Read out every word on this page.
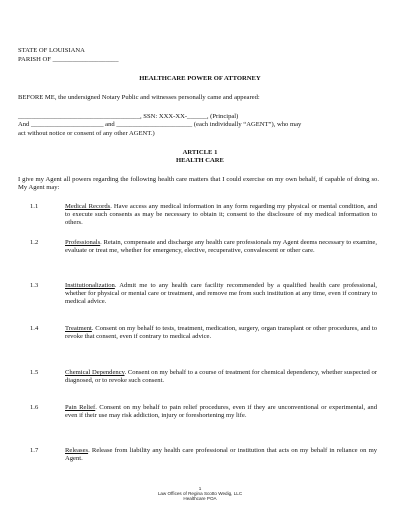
STATE OF LOUISIANA
PARISH OF ____________________
HEALTHCARE POWER OF ATTORNEY
BEFORE ME, the undersigned Notary Public and witnesses personally came and appeared:
_____________________________________, SSN: XXX-XX-______, (Principal)
And ______________________ and _______________________ (each individually “AGENT”), who may
act without notice or consent of any other AGENT.)
ARTICLE 1
HEALTH CARE
I give my Agent all powers regarding the following health care matters that I could exercise on my own behalf, if capable of doing so. My Agent may:
1.1	Medical Records. Have access any medical information in any form regarding my physical or mental condition, and to execute such consents as may be necessary to obtain it; consent to the disclosure of my medical information to others.
1.2	Professionals. Retain, compensate and discharge any health care professionals my Agent deems necessary to examine, evaluate or treat me, whether for emergency, elective, recuperative, convalescent or other care.
1.3	Institutionalization. Admit me to any health care facility recommended by a qualified health care professional, whether for physical or mental care or treatment, and remove me from such institution at any time, even if contrary to medical advice.
1.4	Treatment. Consent on my behalf to tests, treatment, medication, surgery, organ transplant or other procedures, and to revoke that consent, even if contrary to medical advice.
1.5	Chemical Dependency. Consent on my behalf to a course of treatment for chemical dependency, whether suspected or diagnosed, or to revoke such consent.
1.6	Pain Relief. Consent on my behalf to pain relief procedures, even if they are unconventional or experimental, and even if their use may risk addiction, injury or foreshortening my life.
1.7	Releases. Release from liability any health care professional or institution that acts on my behalf in reliance on my Agent.
1
Law Offices of Regina Scotto Wedig, LLC
Healthcare POA
